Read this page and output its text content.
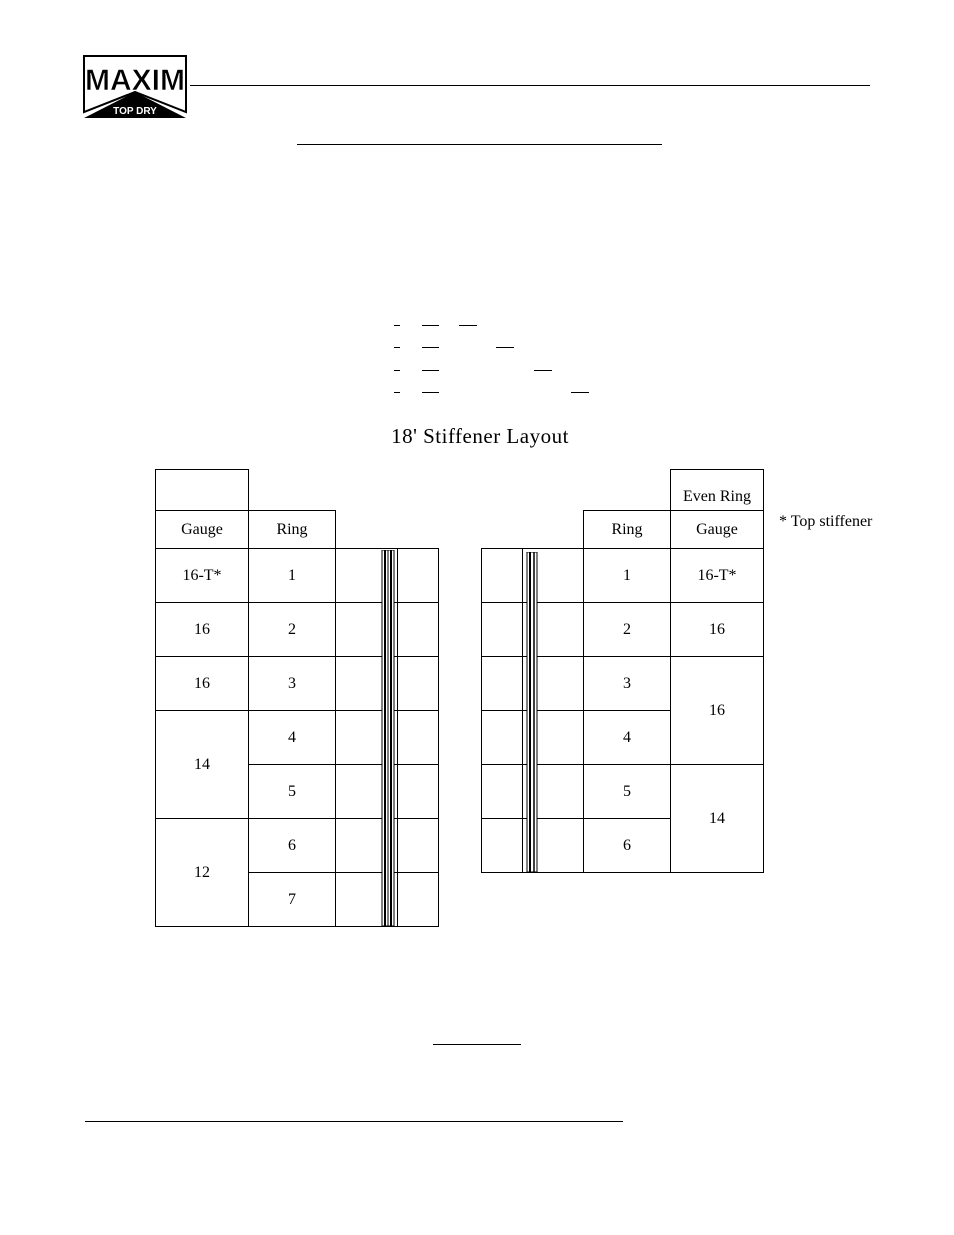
MAXIM
TOP DRY
18' Stiffener Layout

Gauge	Ring		
16-T*	1		
16	2		
16	3		
14	4		
	5		
12	6		
	7		
			Even Ring
		Ring	Gauge
		1	16-T*
		2	16
		3	16
		4	
		5	14
		6	
* Top stiffener
